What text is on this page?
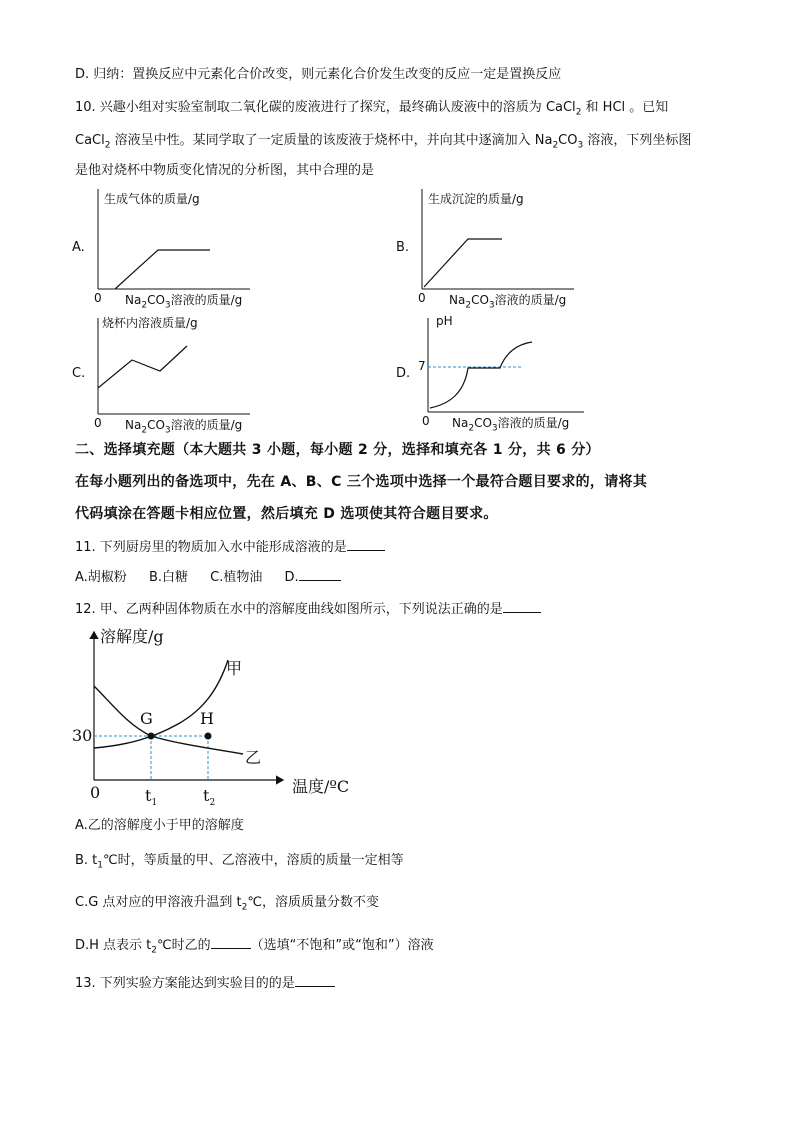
D. 归纳：置换反应中元素化合价改变，则元素化合价发生改变的反应一定是置换反应
10. 兴趣小组对实验室制取二氧化碳的废液进行了探究，最终确认废液中的溶质为 CaCl$_2$ 和 HCl 。已知
CaCl$_2$ 溶液呈中性。某同学取了一定质量的该废液于烧杯中，并向其中逐滴加入 $Na_2CO_3$ 溶液，下列坐标图
是他对烧杯中物质变化情况的分析图，其中合理的是
A.
生成气体的质量/g
0 $Na_2CO_3$溶液的质量/g
B.
生成沉淀的质量/g
0 $Na_2CO_3$溶液的质量/g
C.
烧杯内溶液质量/g
0 $Na_2CO_3$溶液的质量/g
D.
pH
7
0 $Na_2CO_3$溶液的质量/g
二、选择填充题（本大题共 3 小题，每小题 2 分，选择和填充各 1 分，共 6 分）
在每小题列出的备选项中，先在 A、B、C 三个选项中选择一个最符合题目要求的，请将其
代码填涂在答题卡相应位置，然后填充 D 选项使其符合题目要求。
11. 下列厨房里的物质加入水中能形成溶液的是
A.胡椒粉 B.白糖 C.植物油 D.
12. 甲、乙两种固体物质在水中的溶解度曲线如图所示，下列说法正确的是
溶解度/g
甲
乙
G	H
30
0	$t_1$	$t_2$
温度/ºC
A.乙的溶解度小于甲的溶解度
B. $t_1℃$时，等质量的甲、乙溶液中，溶质的质量一定相等
C.G 点对应的甲溶液升温到 $t_2℃$，溶质质量分数不变
D.H 点表示 $t_2℃$时乙的	（选填“不饱和”或“饱和”）溶液
13. 下列实验方案能达到实验目的的是
